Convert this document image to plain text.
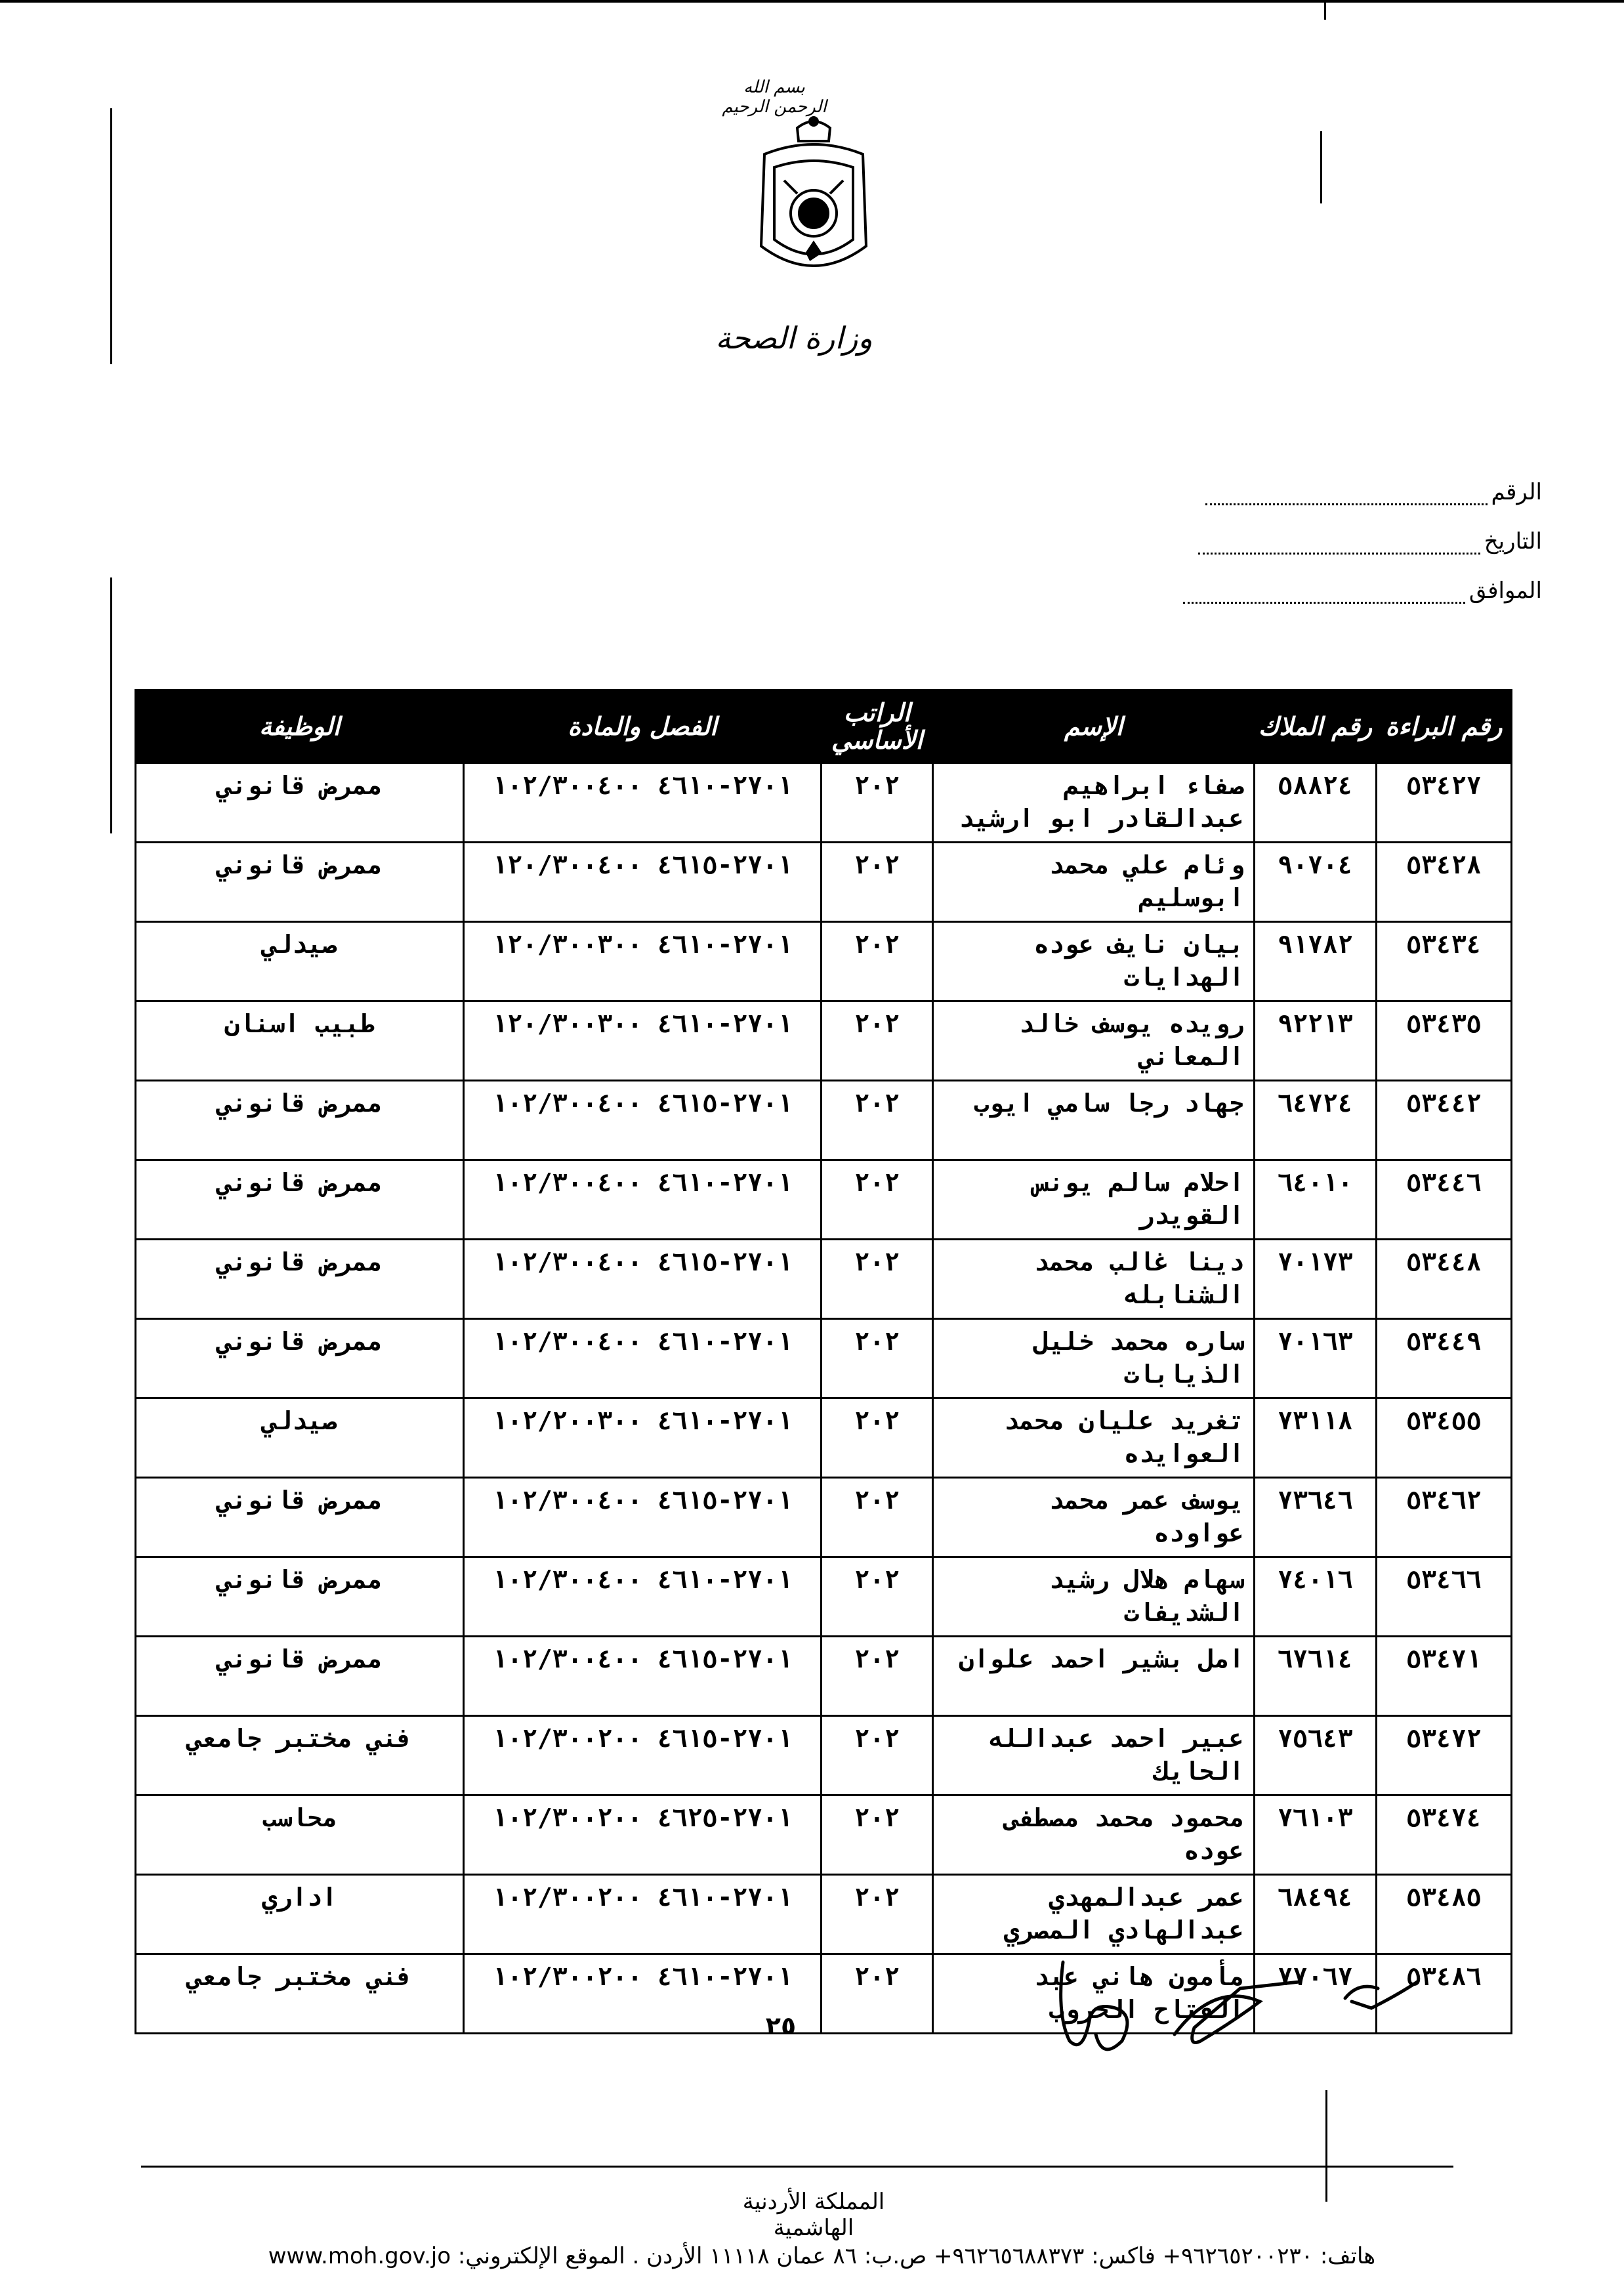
بسم الله الرحمن الرحيم
وزارة الصحة
الرقم
التاريخ
الموافق
رقم البراءة	رقم الملاك	الإسم	الراتب الأساسي	الفصل والمادة	الوظيفة
٥٣٤٢٧	٥٨٨٢٤	صفاء ابراهيم
عبدالقادر ابو ارشيد	٢٠٢	٢٧٠١-٤٦١٠ ١٠٢/٣٠٠٤٠٠	ممرض قانوني
٥٣٤٢٨	٩٠٧٠٤	وئام علي محمد
ابوسليم	٢٠٢	٢٧٠١-٤٦١٥ ١٢٠/٣٠٠٤٠٠	ممرض قانوني
٥٣٤٣٤	٩١٧٨٢	بيان نايف عوده
الهدايات	٢٠٢	٢٧٠١-٤٦١٠ ١٢٠/٣٠٠٣٠٠	صيدلي
٥٣٤٣٥	٩٢٢١٣	رويده يوسف خالد
المعاني	٢٠٢	٢٧٠١-٤٦١٠ ١٢٠/٣٠٠٣٠٠	طبيب اسنان
٥٣٤٤٢	٦٤٧٢٤	جهاد رجا سامي ايوب	٢٠٢	٢٧٠١-٤٦١٥ ١٠٢/٣٠٠٤٠٠	ممرض قانوني
٥٣٤٤٦	٦٤٠١٠	احلام سالم يونس
القويدر	٢٠٢	٢٧٠١-٤٦١٠ ١٠٢/٣٠٠٤٠٠	ممرض قانوني
٥٣٤٤٨	٧٠١٧٣	دينا غالب محمد
الشنابله	٢٠٢	٢٧٠١-٤٦١٥ ١٠٢/٣٠٠٤٠٠	ممرض قانوني
٥٣٤٤٩	٧٠١٦٣	ساره محمد خليل
الذيابات	٢٠٢	٢٧٠١-٤٦١٠ ١٠٢/٣٠٠٤٠٠	ممرض قانوني
٥٣٤٥٥	٧٣١١٨	تغريد عليان محمد
العوايده	٢٠٢	٢٧٠١-٤٦١٠ ١٠٢/٢٠٠٣٠٠	صيدلي
٥٣٤٦٢	٧٣٦٤٦	يوسف عمر محمد
عواوده	٢٠٢	٢٧٠١-٤٦١٥ ١٠٢/٣٠٠٤٠٠	ممرض قانوني
٥٣٤٦٦	٧٤٠١٦	سهام هلال رشيد
الشديفات	٢٠٢	٢٧٠١-٤٦١٠ ١٠٢/٣٠٠٤٠٠	ممرض قانوني
٥٣٤٧١	٦٧٦١٤	امل بشير احمد علوان	٢٠٢	٢٧٠١-٤٦١٥ ١٠٢/٣٠٠٤٠٠	ممرض قانوني
٥٣٤٧٢	٧٥٦٤٣	عبير احمد عبدالله
الحايك	٢٠٢	٢٧٠١-٤٦١٥ ١٠٢/٣٠٠٢٠٠	فني مختبر جامعي
٥٣٤٧٤	٧٦١٠٣	محمود محمد مصطفى
عوده	٢٠٢	٢٧٠١-٤٦٢٥ ١٠٢/٣٠٠٢٠٠	محاسب
٥٣٤٨٥	٦٨٤٩٤	عمر عبدالمهدي
عبدالهادي المصري	٢٠٢	٢٧٠١-٤٦١٠ ١٠٢/٣٠٠٢٠٠	اداري
٥٣٤٨٦	٧٧٠٦٧	مأمون هاني عبد
الفتاح الحروب	٢٠٢	٢٧٠١-٤٦١٠ ١٠٢/٣٠٠٢٠٠	فني مختبر جامعي
٢٥
المملكة الأردنية الهاشمية
هاتف: ٩٦٢٦٥٢٠٠٢٣٠+ فاكس: ٩٦٢٦٥٦٨٨٣٧٣+ ص.ب: ٨٦ عمان ١١١١٨ الأردن . الموقع الإلكتروني: www.moh.gov.jo
